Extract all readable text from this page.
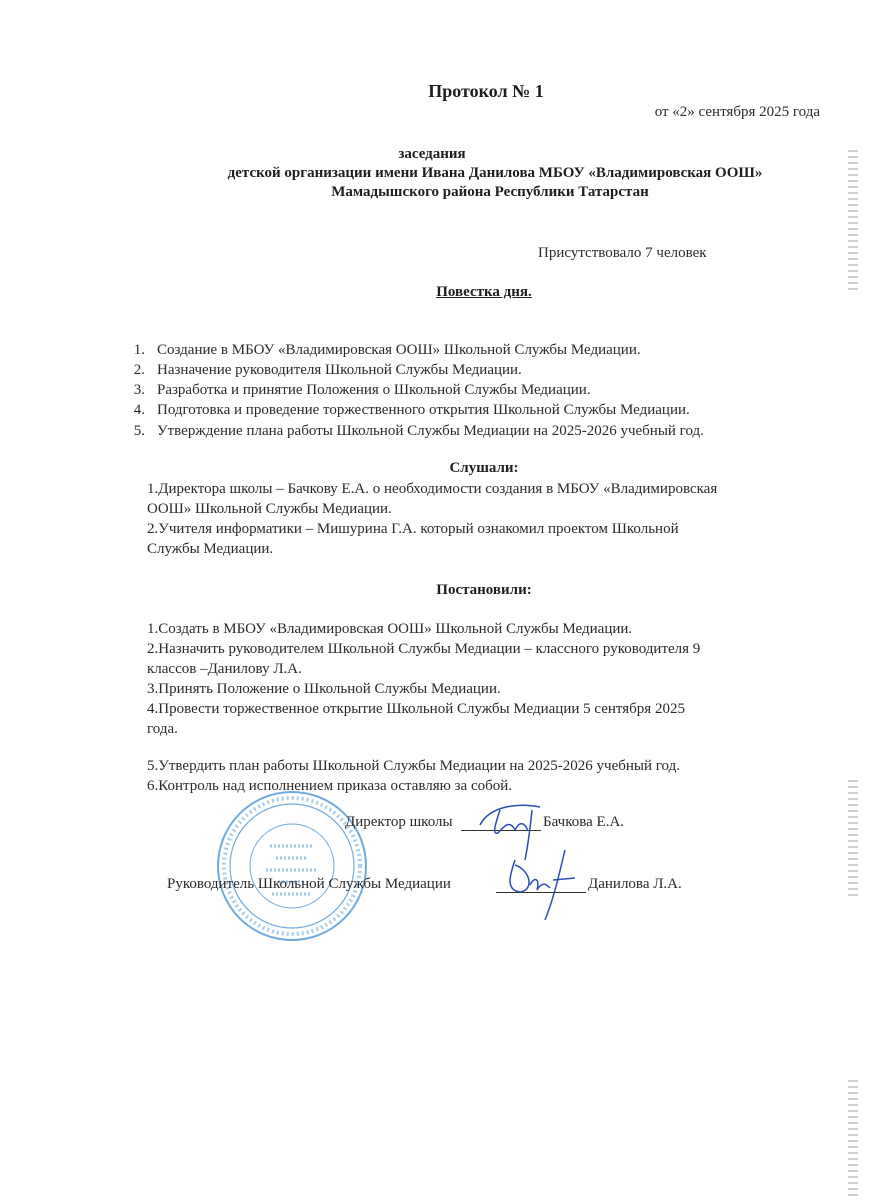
Протокол № 1
от «2» сентября 2025 года
заседания
детской организации имени Ивана Данилова МБОУ «Владимировская ООШ»
Мамадышского района Республики Татарстан
Присутствовало 7 человек
Повестка дня.
1. Создание в МБОУ «Владимировская ООШ» Школьной Службы Медиации.
2. Назначение руководителя Школьной Службы Медиации.
3. Разработка и принятие Положения о Школьной Службы Медиации.
4. Подготовка и проведение торжественного открытия Школьной Службы Медиации.
5. Утверждение плана работы Школьной Службы Медиации на 2025-2026 учебный год.
Слушали:
1.Директора школы – Бачкову Е.А. о необходимости создания в МБОУ «Владимировская
ООШ» Школьной Службы Медиации.
2.Учителя информатики – Мишурина Г.А. который ознакомил проектом Школьной
Службы Медиации.
Постановили:
1.Создать в МБОУ «Владимировская ООШ» Школьной Службы Медиации.
2.Назначить руководителем Школьной Службы Медиации – классного руководителя 9
классов –Данилову Л.А.
3.Принять Положение о Школьной Службы Медиации.
4.Провести торжественное открытие Школьной Службы Медиации 5 сентября 2025
года.
5.Утвердить план работы Школьной Службы Медиации на 2025-2026 учебный год.
6.Контроль над исполнением приказа оставляю за собой.
Директор школы	Бачкова Е.А.
Руководитель Школьной Службы Медиации	Данилова Л.А.
